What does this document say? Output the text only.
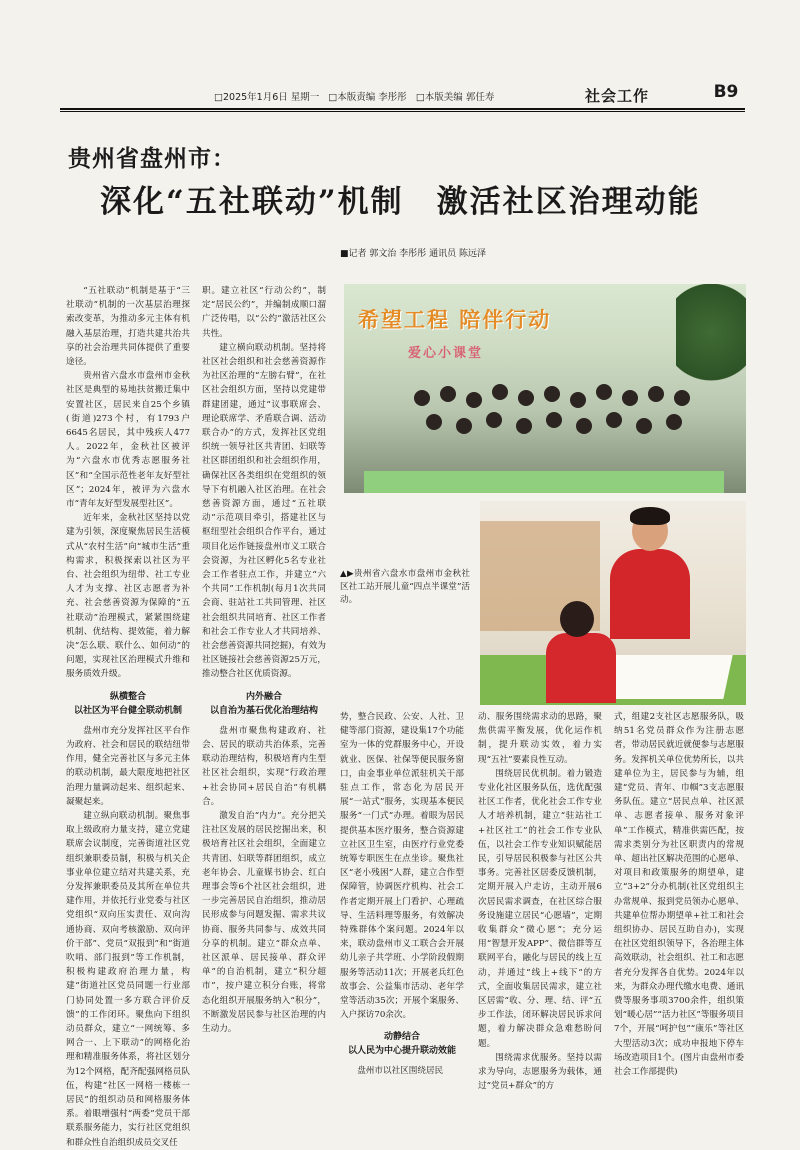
□2025年1月6日 星期一 □本版责编 李彤彤 □本版美编 郭任寿	社会工作	B9
贵州省盘州市：
深化“五社联动”机制　激活社区治理动能
■记者 郭文治 李彤彤 通讯员 陈远泽

“五社联动”机制是基于“三社联动”机制的一次基层治理探索改变革，为推动多元主体有机融入基层治理，打造共建共治共享的社会治理共同体提供了重要途径。

贵州省六盘水市盘州市金秋社区是典型的易地扶贫搬迁集中安置社区，居民来自25个乡镇(街道)273个村，有1793户6645名居民，其中残疾人477人。2022年，金秋社区被评为“六盘水市优秀志愿服务社区”和“全国示范性老年友好型社区”；2024年，被评为六盘水市“青年友好型发展型社区”。

近年来，金秋社区坚持以党建为引领，深度聚焦居民生活模式从“农村生活”向“城市生活”重构需求，积极探索以社区为平台、社会组织为纽带、社工专业人才为支撑、社区志愿者为补充、社会慈善资源为保障的“五社联动”治理模式，紧紧围绕建机制、优结构、提效能，着力解决“怎么联、联什么、如何动”的问题，实现社区治理模式升维和服务质效升级。

纵横整合
以社区为平台健全联动机制

盘州市充分发挥社区平台作为政府、社会和居民的联结纽带作用，健全完善社区与多元主体的联动机制，最大限度地把社区治理力量调动起来、组织起来、凝聚起来。

建立纵向联动机制。聚焦事取上级政府力量支持，建立党建联席会议制度，完善街道社区党组织兼职委员制，积极与机关企事业单位建立结对共建关系，充分发挥兼职委员及其所在单位共建作用，并依托行业党委与社区党组织“双向压实责任、双向沟通协商、双向考核激励、双向评价干部”、党员“双报到”和“街道吹哨、部门报到”等工作机制，积极构建政府治理力量，构建“街道社区党员同题一行业部门协同处置一多方联合评价反馈”的工作闭环。聚焦向下组织动员群众，建立“一网统筹、多网合一、上下联动”的网格化治理和精准服务体系，将社区划分为12个网格，配齐配强网格员队伍，构建“社区一网格一楼栋一居民”的组织动员和网格服务体系。着眼增强村“两委”党员干部联系服务能力，实行社区党组织和群众性自治组织成员交叉任

职。建立社区“行动公约”，制定“居民公约”，并编制成顺口溜广泛传唱，以“公约”激活社区公共性。

建立横向联动机制。坚持将社区社会组织和社会慈善资源作为社区治理的“左膀右臂”，在社区社会组织方面，坚持以党建带群建团建，通过“议事联席会、理论联席学、矛盾联合调、活动联合办”的方式，发挥社区党组织统一领导社区共青团、妇联等社区群团组织和社会组织作用，确保社区各类组织在党组织的领导下有机融入社区治理。在社会慈善资源方面，通过“五社联动”示范项目牵引，搭建社区与枢纽型社会组织合作平台，通过项目化运作链接盘州市义工联合会资源，为社区孵化5名专业社会工作者驻点工作，并建立“六个共同”工作机制(每月1次共同会商、驻站社工共同管理、社区社会组织共同培育、社区工作者和社会工作专业人才共同培养、社会慈善资源共同挖掘)，有效为社区链接社会慈善资源25万元，推动整合社区优质资源。

内外融合
以自治为基石优化治理结构

盘州市聚焦构建政府、社会、居民的联动共治体系，完善联动治理结构，积极培育内生型社区社会组织，实现“行政治理+社会协同+居民自治”有机耦合。

激发自治“内力”。充分把关注社区发展的居民挖掘出来，积极培育社区社会组织，全面建立共青团、妇联等群团组织，成立老年协会、儿童媒书协会、红白理事会等6个社区社会组织，进一步完善居民自治组织，推动居民形成参与问题发掘、需求共议协商、服务共同参与、成效共同分享的机制。建立“群众点单、社区派单、居民接单、群众评单”的自治机制，建立“积分超市”，按户建立积分台账，将常态化组织开展服务纳入“积分”，不断激发居民参与社区治理的内生动力。

希望工程 陪伴行动
爱心小课堂
▲▶贵州省六盘水市盘州市金秋社区社工站开展儿童“四点半课堂”活动。

势，整合民政、公安、人社、卫健等部门资源，建设集17个功能室为一体的党群服务中心，开设就业、医保、社保等便民服务窗口，由金事业单位派驻机关干部驻点工作，常态化为居民开展“一站式”服务，实现基本便民服务“一门式”办理。着眼为居民提供基本医疗服务，整合资源建立社区卫生室，由医疗行业党委统筹专职医生在点坐诊。聚焦社区“老小残困”人群，建立合作型保障管，协调医疗机构、社会工作者定期开展上门看护、心理疏导、生活料理等服务，有效解决特殊群体个案问题。2024年以来，联动盘州市义工联合会开展幼儿亲子共学班、小学阶段假期服务等活动11次；开展老兵红色故事会、公益集市活动、老年学堂等活动35次；开展个案服务、入户探访70余次。

动静结合
以人民为中心提升联动效能

盘州市以社区围绕居民

动、服务围绕需求动的思路，聚焦供需平衡发展，优化运作机制，提升联动实效，着力实现“五社”要素良性互动。

围绕居民优机制。着力锻造专业化社区服务队伍，选优配强社区工作者，优化社会工作专业人才培养机制，建立“驻站社工+社区社工”的社会工作专业队伍，以社会工作专业知识赋能居民，引导居民积极参与社区公共事务。完善社区居委反馈机制，定期开展入户走访，主动开展6次居民需求调查，在社区综合服务设施建立居民“心愿墙”，定期收集群众“微心愿”；充分运用“智慧开发APP”、微信群等互联网平台，融化与居民的线上互动，并通过“线上+线下”的方式，全面收集居民需求，建立社区居需“收、分、理、结、评”五步工作法，闭环解决居民诉求问题，着力解决群众急难愁盼问题。

围绕需求优服务。坚持以需求为导向，志愿服务为载体，通过“党员+群众”的方

式，组建2支社区志愿服务队，吸纳51名党员群众作为注册志愿者，带动居民就近就便参与志愿服务。发挥机关单位优势所长，以共建单位为主，居民参与为辅，组建“党员、青年、巾帼”3支志愿服务队伍。建立“居民点单、社区派单、志愿者接单、服务对象评单”工作模式，精准供需匹配，按需求类别分为社区职责内的常规单、超出社区解决范围的心愿单、对项目和政策服务的期望单，建立“3+2”分办机制(社区党组织主办常规单、报到党员领办心愿单、共建单位帮办期望单+社工和社会组织协办、居民互助自办)，实现在社区党组织领导下，各治理主体高效联动，社会组织、社工和志愿者充分发挥各自优势。2024年以来，为群众办理代缴水电费、通讯费等服务事项3700余件，组织策划“暖心居”“活力社区”等服务项目7个，开展“呵护包”“康乐”等社区大型活动3次；成功申报地下停车场改造项目1个。(图片由盘州市委社会工作部提供)
